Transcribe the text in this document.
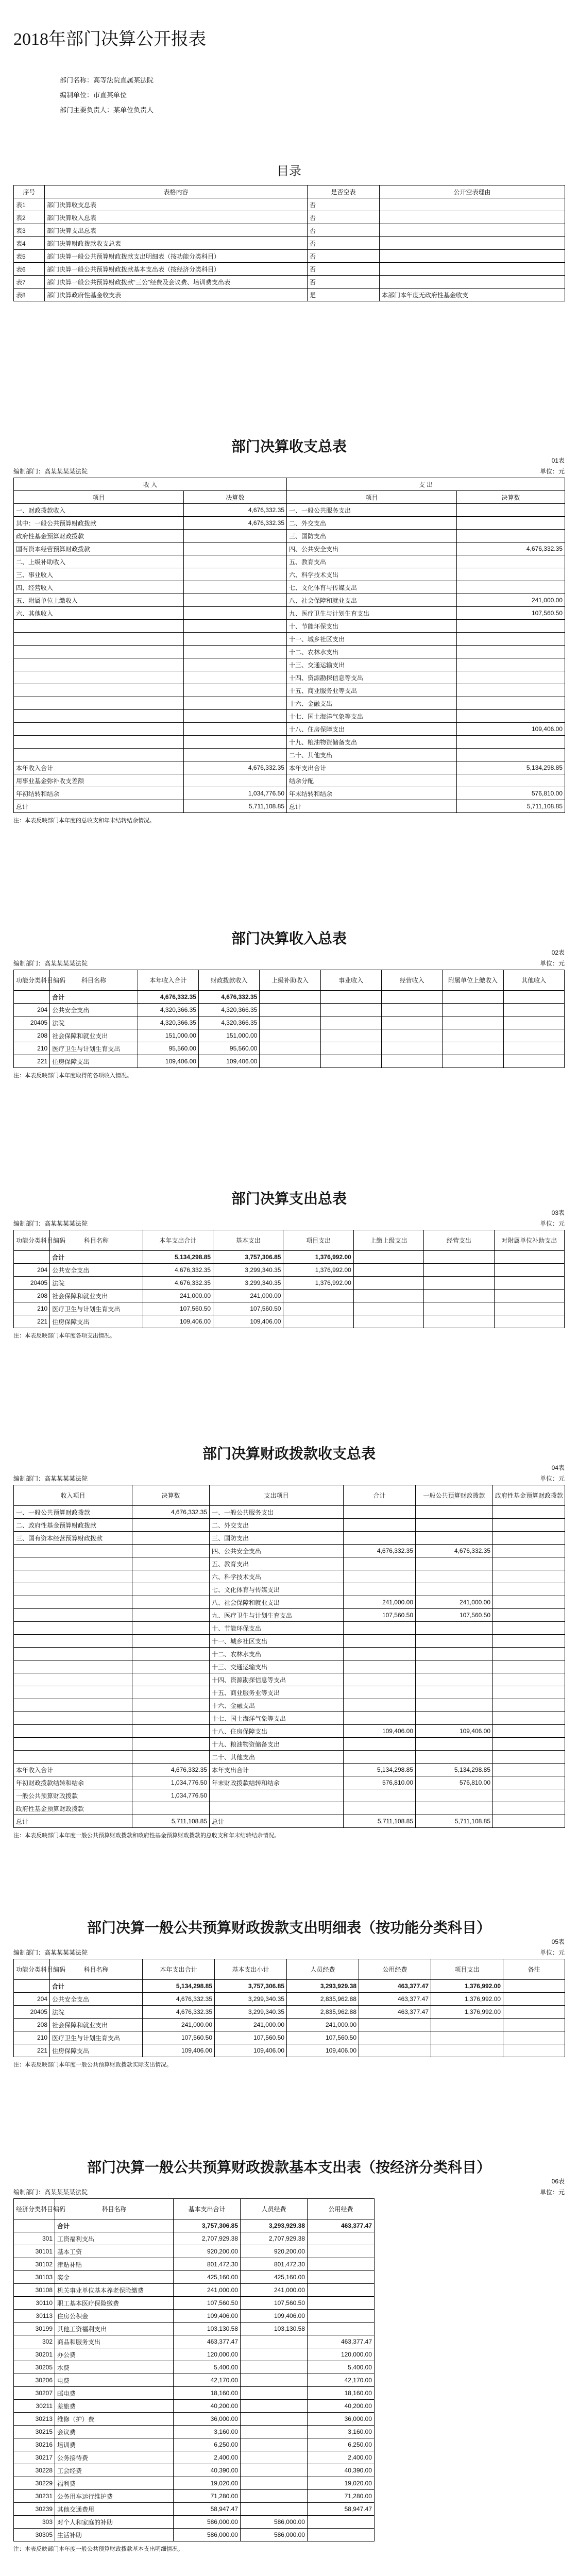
2018年部门决算公开报表
部门名称：高等法院直属某法院
编制单位：市直某单位
部门主要负责人：某单位负责人
目录
序号	表格内容	是否空表	公开空表理由
表1	部门决算收支总表	否	
表2	部门决算收入总表	否	
表3	部门决算支出总表	否	
表4	部门决算财政拨款收支总表	否	
表5	部门决算一般公共预算财政拨款支出明细表（按功能分类科目）	否	
表6	部门决算一般公共预算财政拨款基本支出表（按经济分类科目）	否	
表7	部门决算一般公共预算财政拨款“三公”经费及会议费、培训费支出表	否	
表8	部门决算政府性基金收支表	是	本部门本年度无政府性基金收支
部门决算收支总表
01表
编制部门：高某某某某法院	单位：元
收 入		支 出	
项目	决算数	项目	决算数
一、财政拨款收入	4,676,332.35	一、一般公共服务支出	
其中：一般公共预算财政拨款	4,676,332.35	二、外交支出	
政府性基金预算财政拨款		三、国防支出	
国有资本经营预算财政拨款		四、公共安全支出	4,676,332.35
二、上级补助收入		五、教育支出	
三、事业收入		六、科学技术支出	
四、经营收入		七、文化体育与传媒支出	
五、附属单位上缴收入		八、社会保障和就业支出	241,000.00
六、其他收入		九、医疗卫生与计划生育支出	107,560.50
		十、节能环保支出	
		十一、城乡社区支出	
		十二、农林水支出	
		十三、交通运输支出	
		十四、资源勘探信息等支出	
		十五、商业服务业等支出	
		十六、金融支出	
		十七、国土海洋气象等支出	
		十八、住房保障支出	109,406.00
		十九、粮油物资储备支出	
		二十、其他支出	
本年收入合计	4,676,332.35	本年支出合计	5,134,298.85
用事业基金弥补收支差额		结余分配	
年初结转和结余	1,034,776.50	年末结转和结余	576,810.00
总计	5,711,108.85	总计	5,711,108.85
注：本表反映部门本年度的总收支和年末结转结余情况。
部门决算收入总表
02表
编制部门：高某某某某法院	单位：元
功能分类科目编码	科目名称	本年收入合计	财政拨款收入	上级补助收入	事业收入	经营收入	附属单位上缴收入	其他收入
	合计	4,676,332.35	4,676,332.35					
204	公共安全支出	4,320,366.35	4,320,366.35					
20405	法院	4,320,366.35	4,320,366.35					
208	社会保障和就业支出	151,000.00	151,000.00					
210	医疗卫生与计划生育支出	95,560.00	95,560.00					
221	住房保障支出	109,406.00	109,406.00					
注：本表反映部门本年度取得的各项收入情况。
部门决算支出总表
03表
编制部门：高某某某某法院	单位：元
功能分类科目编码	科目名称	本年支出合计	基本支出	项目支出	上缴上级支出	经营支出	对附属单位补助支出
	合计	5,134,298.85	3,757,306.85	1,376,992.00			
204	公共安全支出	4,676,332.35	3,299,340.35	1,376,992.00			
20405	法院	4,676,332.35	3,299,340.35	1,376,992.00			
208	社会保障和就业支出	241,000.00	241,000.00				
210	医疗卫生与计划生育支出	107,560.50	107,560.50				
221	住房保障支出	109,406.00	109,406.00				
注：本表反映部门本年度各项支出情况。
部门决算财政拨款收支总表
04表
编制部门：高某某某某法院	单位：元
收入项目	决算数	支出项目	合计	一般公共预算财政拨款	政府性基金预算财政拨款
一、一般公共预算财政拨款	4,676,332.35	一、一般公共服务支出			
二、政府性基金预算财政拨款		二、外交支出			
三、国有资本经营预算财政拨款		三、国防支出			
		四、公共安全支出	4,676,332.35	4,676,332.35	
		五、教育支出			
		六、科学技术支出			
		七、文化体育与传媒支出			
		八、社会保障和就业支出	241,000.00	241,000.00	
		九、医疗卫生与计划生育支出	107,560.50	107,560.50	
		十、节能环保支出			
		十一、城乡社区支出			
		十二、农林水支出			
		十三、交通运输支出			
		十四、资源勘探信息等支出			
		十五、商业服务业等支出			
		十六、金融支出			
		十七、国土海洋气象等支出			
		十八、住房保障支出	109,406.00	109,406.00	
		十九、粮油物资储备支出			
		二十、其他支出			
本年收入合计	4,676,332.35	本年支出合计	5,134,298.85	5,134,298.85	
年初财政拨款结转和结余	1,034,776.50	年末财政拨款结转和结余	576,810.00	576,810.00	
一般公共预算财政拨款	1,034,776.50				
政府性基金预算财政拨款					
总计	5,711,108.85	总计	5,711,108.85	5,711,108.85	
注：本表反映部门本年度一般公共预算财政拨款和政府性基金预算财政拨款的总收支和年末结转结余情况。
部门决算一般公共预算财政拨款支出明细表（按功能分类科目）
05表
编制部门：高某某某某法院	单位：元
功能分类科目编码	科目名称	本年支出合计	基本支出小计	人员经费	公用经费	项目支出	备注
	合计	5,134,298.85	3,757,306.85	3,293,929.38	463,377.47	1,376,992.00	
204	公共安全支出	4,676,332.35	3,299,340.35	2,835,962.88	463,377.47	1,376,992.00	
20405	法院	4,676,332.35	3,299,340.35	2,835,962.88	463,377.47	1,376,992.00	
208	社会保障和就业支出	241,000.00	241,000.00	241,000.00			
210	医疗卫生与计划生育支出	107,560.50	107,560.50	107,560.50			
221	住房保障支出	109,406.00	109,406.00	109,406.00			
注：本表反映部门本年度一般公共预算财政拨款实际支出情况。
部门决算一般公共预算财政拨款基本支出表（按经济分类科目）
06表
编制部门：高某某某某法院	单位：元
经济分类科目编码	科目名称	基本支出合计	人员经费	公用经费
	合计	3,757,306.85	3,293,929.38	463,377.47
301	工资福利支出	2,707,929.38	2,707,929.38	
30101	基本工资	920,200.00	920,200.00	
30102	津贴补贴	801,472.30	801,472.30	
30103	奖金	425,160.00	425,160.00	
30108	机关事业单位基本养老保险缴费	241,000.00	241,000.00	
30110	职工基本医疗保险缴费	107,560.50	107,560.50	
30113	住房公积金	109,406.00	109,406.00	
30199	其他工资福利支出	103,130.58	103,130.58	
302	商品和服务支出	463,377.47		463,377.47
30201	办公费	120,000.00		120,000.00
30205	水费	5,400.00		5,400.00
30206	电费	42,170.00		42,170.00
30207	邮电费	18,160.00		18,160.00
30211	差旅费	40,200.00		40,200.00
30213	维修（护）费	36,000.00		36,000.00
30215	会议费	3,160.00		3,160.00
30216	培训费	6,250.00		6,250.00
30217	公务接待费	2,400.00		2,400.00
30228	工会经费	40,390.00		40,390.00
30229	福利费	19,020.00		19,020.00
30231	公务用车运行维护费	71,280.00		71,280.00
30239	其他交通费用	58,947.47		58,947.47
303	对个人和家庭的补助	586,000.00	586,000.00	
30305	生活补助	586,000.00	586,000.00	
注：本表反映部门本年度一般公共预算财政拨款基本支出明细情况。
